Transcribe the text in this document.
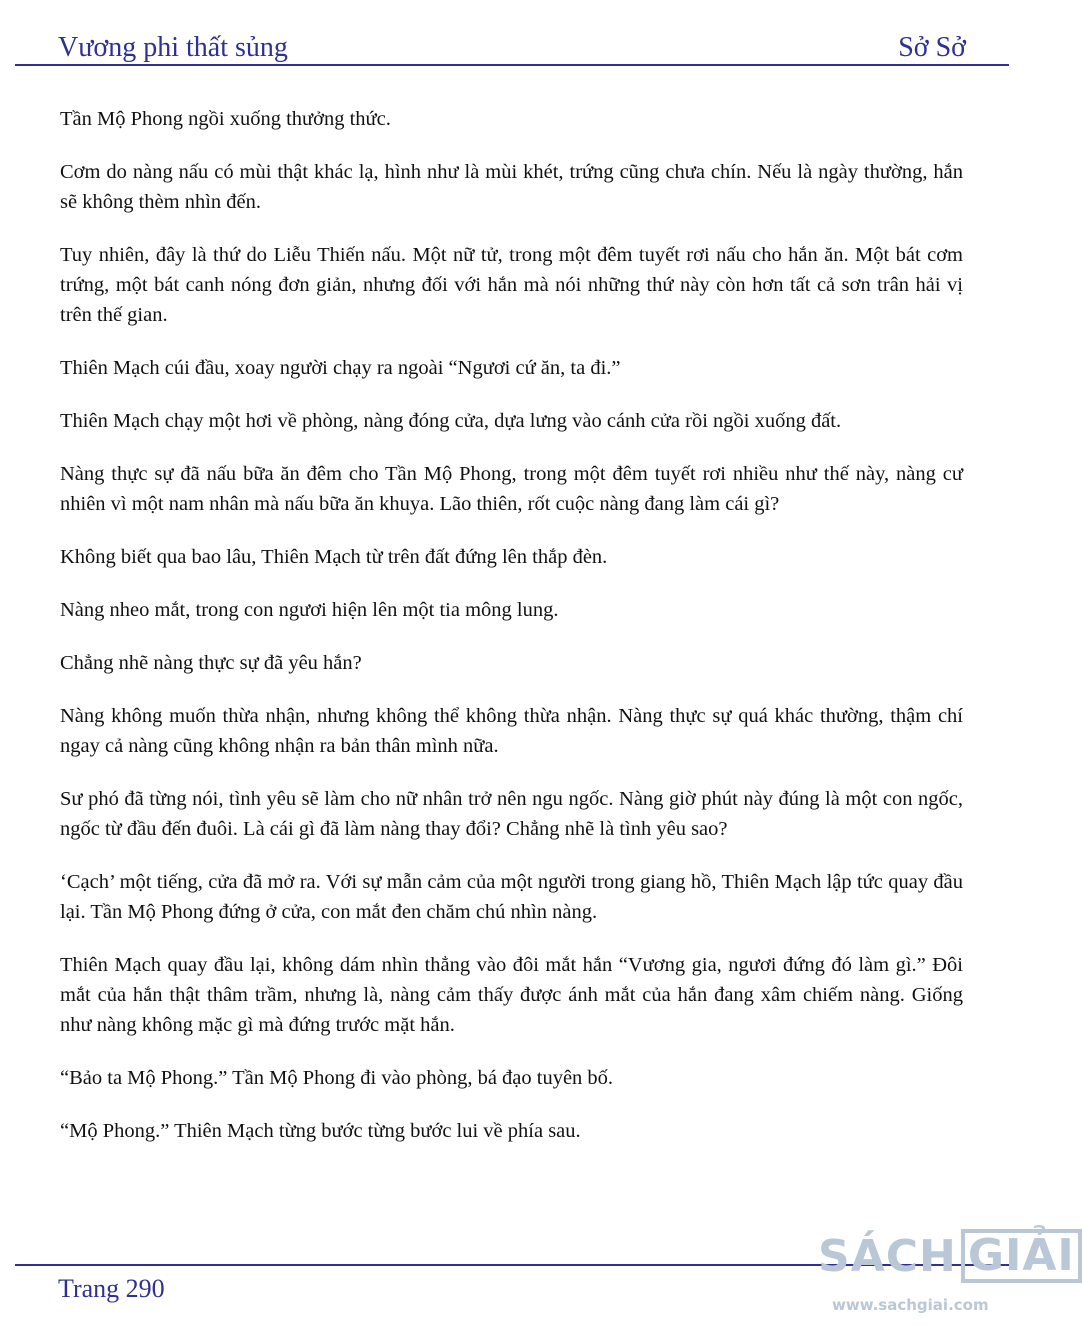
Vương phi thất sủng	Sở Sở

Tần Mộ Phong ngồi xuống thưởng thức.

Cơm do nàng nấu có mùi thật khác lạ, hình như là mùi khét, trứng cũng chưa chín. Nếu là ngày thường, hắn sẽ không thèm nhìn đến.

Tuy nhiên, đây là thứ do Liễu Thiến nấu. Một nữ tử, trong một đêm tuyết rơi nấu cho hắn ăn. Một bát cơm trứng, một bát canh nóng đơn giản, nhưng đối với hắn mà nói những thứ này còn hơn tất cả sơn trân hải vị trên thế gian.

Thiên Mạch cúi đầu, xoay người chạy ra ngoài “Ngươi cứ ăn, ta đi.”

Thiên Mạch chạy một hơi về phòng, nàng đóng cửa, dựa lưng vào cánh cửa rồi ngồi xuống đất.

Nàng thực sự đã nấu bữa ăn đêm cho Tần Mộ Phong, trong một đêm tuyết rơi nhiều như thế này, nàng cư nhiên vì một nam nhân mà nấu bữa ăn khuya. Lão thiên, rốt cuộc nàng đang làm cái gì?

Không biết qua bao lâu, Thiên Mạch từ trên đất đứng lên thắp đèn.

Nàng nheo mắt, trong con ngươi hiện lên một tia mông lung.

Chẳng nhẽ nàng thực sự đã yêu hắn?

Nàng không muốn thừa nhận, nhưng không thể không thừa nhận. Nàng thực sự quá khác thường, thậm chí ngay cả nàng cũng không nhận ra bản thân mình nữa.

Sư phó đã từng nói, tình yêu sẽ làm cho nữ nhân trở nên ngu ngốc. Nàng giờ phút này đúng là một con ngốc, ngốc từ đầu đến đuôi. Là cái gì đã làm nàng thay đổi? Chẳng nhẽ là tình yêu sao?

‘Cạch’ một tiếng, cửa đã mở ra. Với sự mẫn cảm của một người trong giang hồ, Thiên Mạch lập tức quay đầu lại. Tần Mộ Phong đứng ở cửa, con mắt đen chăm chú nhìn nàng.

Thiên Mạch quay đầu lại, không dám nhìn thẳng vào đôi mắt hắn “Vương gia, ngươi đứng đó làm gì.” Đôi mắt của hắn thật thâm trầm, nhưng là, nàng cảm thấy được ánh mắt của hắn đang xâm chiếm nàng. Giống như nàng không mặc gì mà đứng trước mặt hắn.

“Bảo ta Mộ Phong.” Tần Mộ Phong đi vào phòng, bá đạo tuyên bố.

“Mộ Phong.” Thiên Mạch từng bước từng bước lui về phía sau.

Trang 290
SÁCH GIẢI
www.sachgiai.com
